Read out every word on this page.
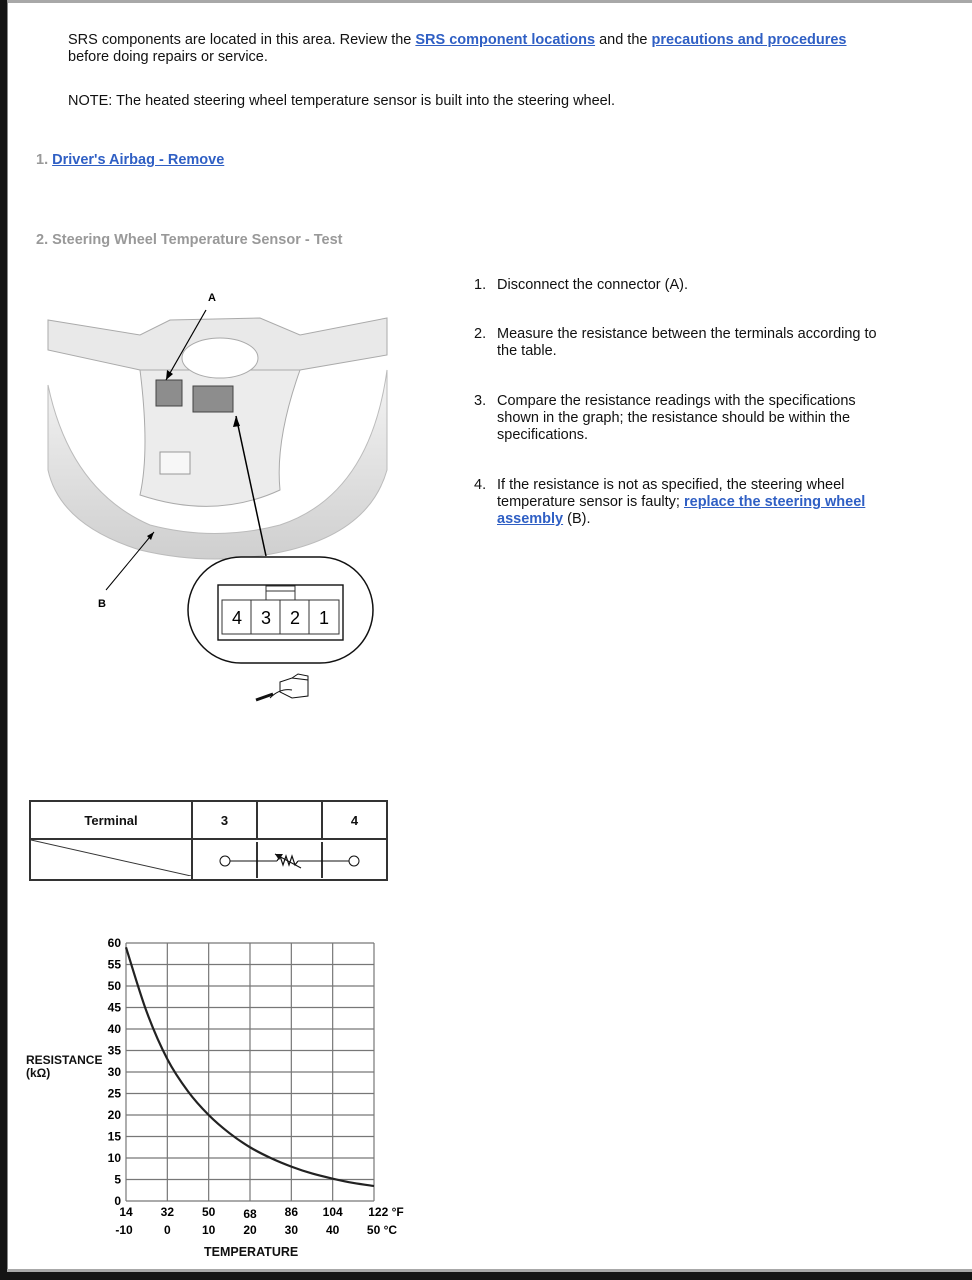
SRS components are located in this area. Review the SRS component locations and the precautions and procedures before doing repairs or service.
NOTE: The heated steering wheel temperature sensor is built into the steering wheel.
1. Driver's Airbag - Remove
2. Steering Wheel Temperature Sensor - Test
1. Disconnect the connector (A).
2. Measure the resistance between the terminals according to the table.
3. Compare the resistance readings with the specifications shown in the graph; the resistance should be within the specifications.
4. If the resistance is not as specified, the steering wheel temperature sensor is faulty; replace the steering wheel assembly (B).
A
B
4 3 2 1
Terminal	3		4

0
5
10
15
20
25
30
35
40
45
50
55
60
14
-10
32
0
50
10
68
20
86
30
104
40
122 °F
50 °C
RESISTANCE
(kΩ)
TEMPERATURE
